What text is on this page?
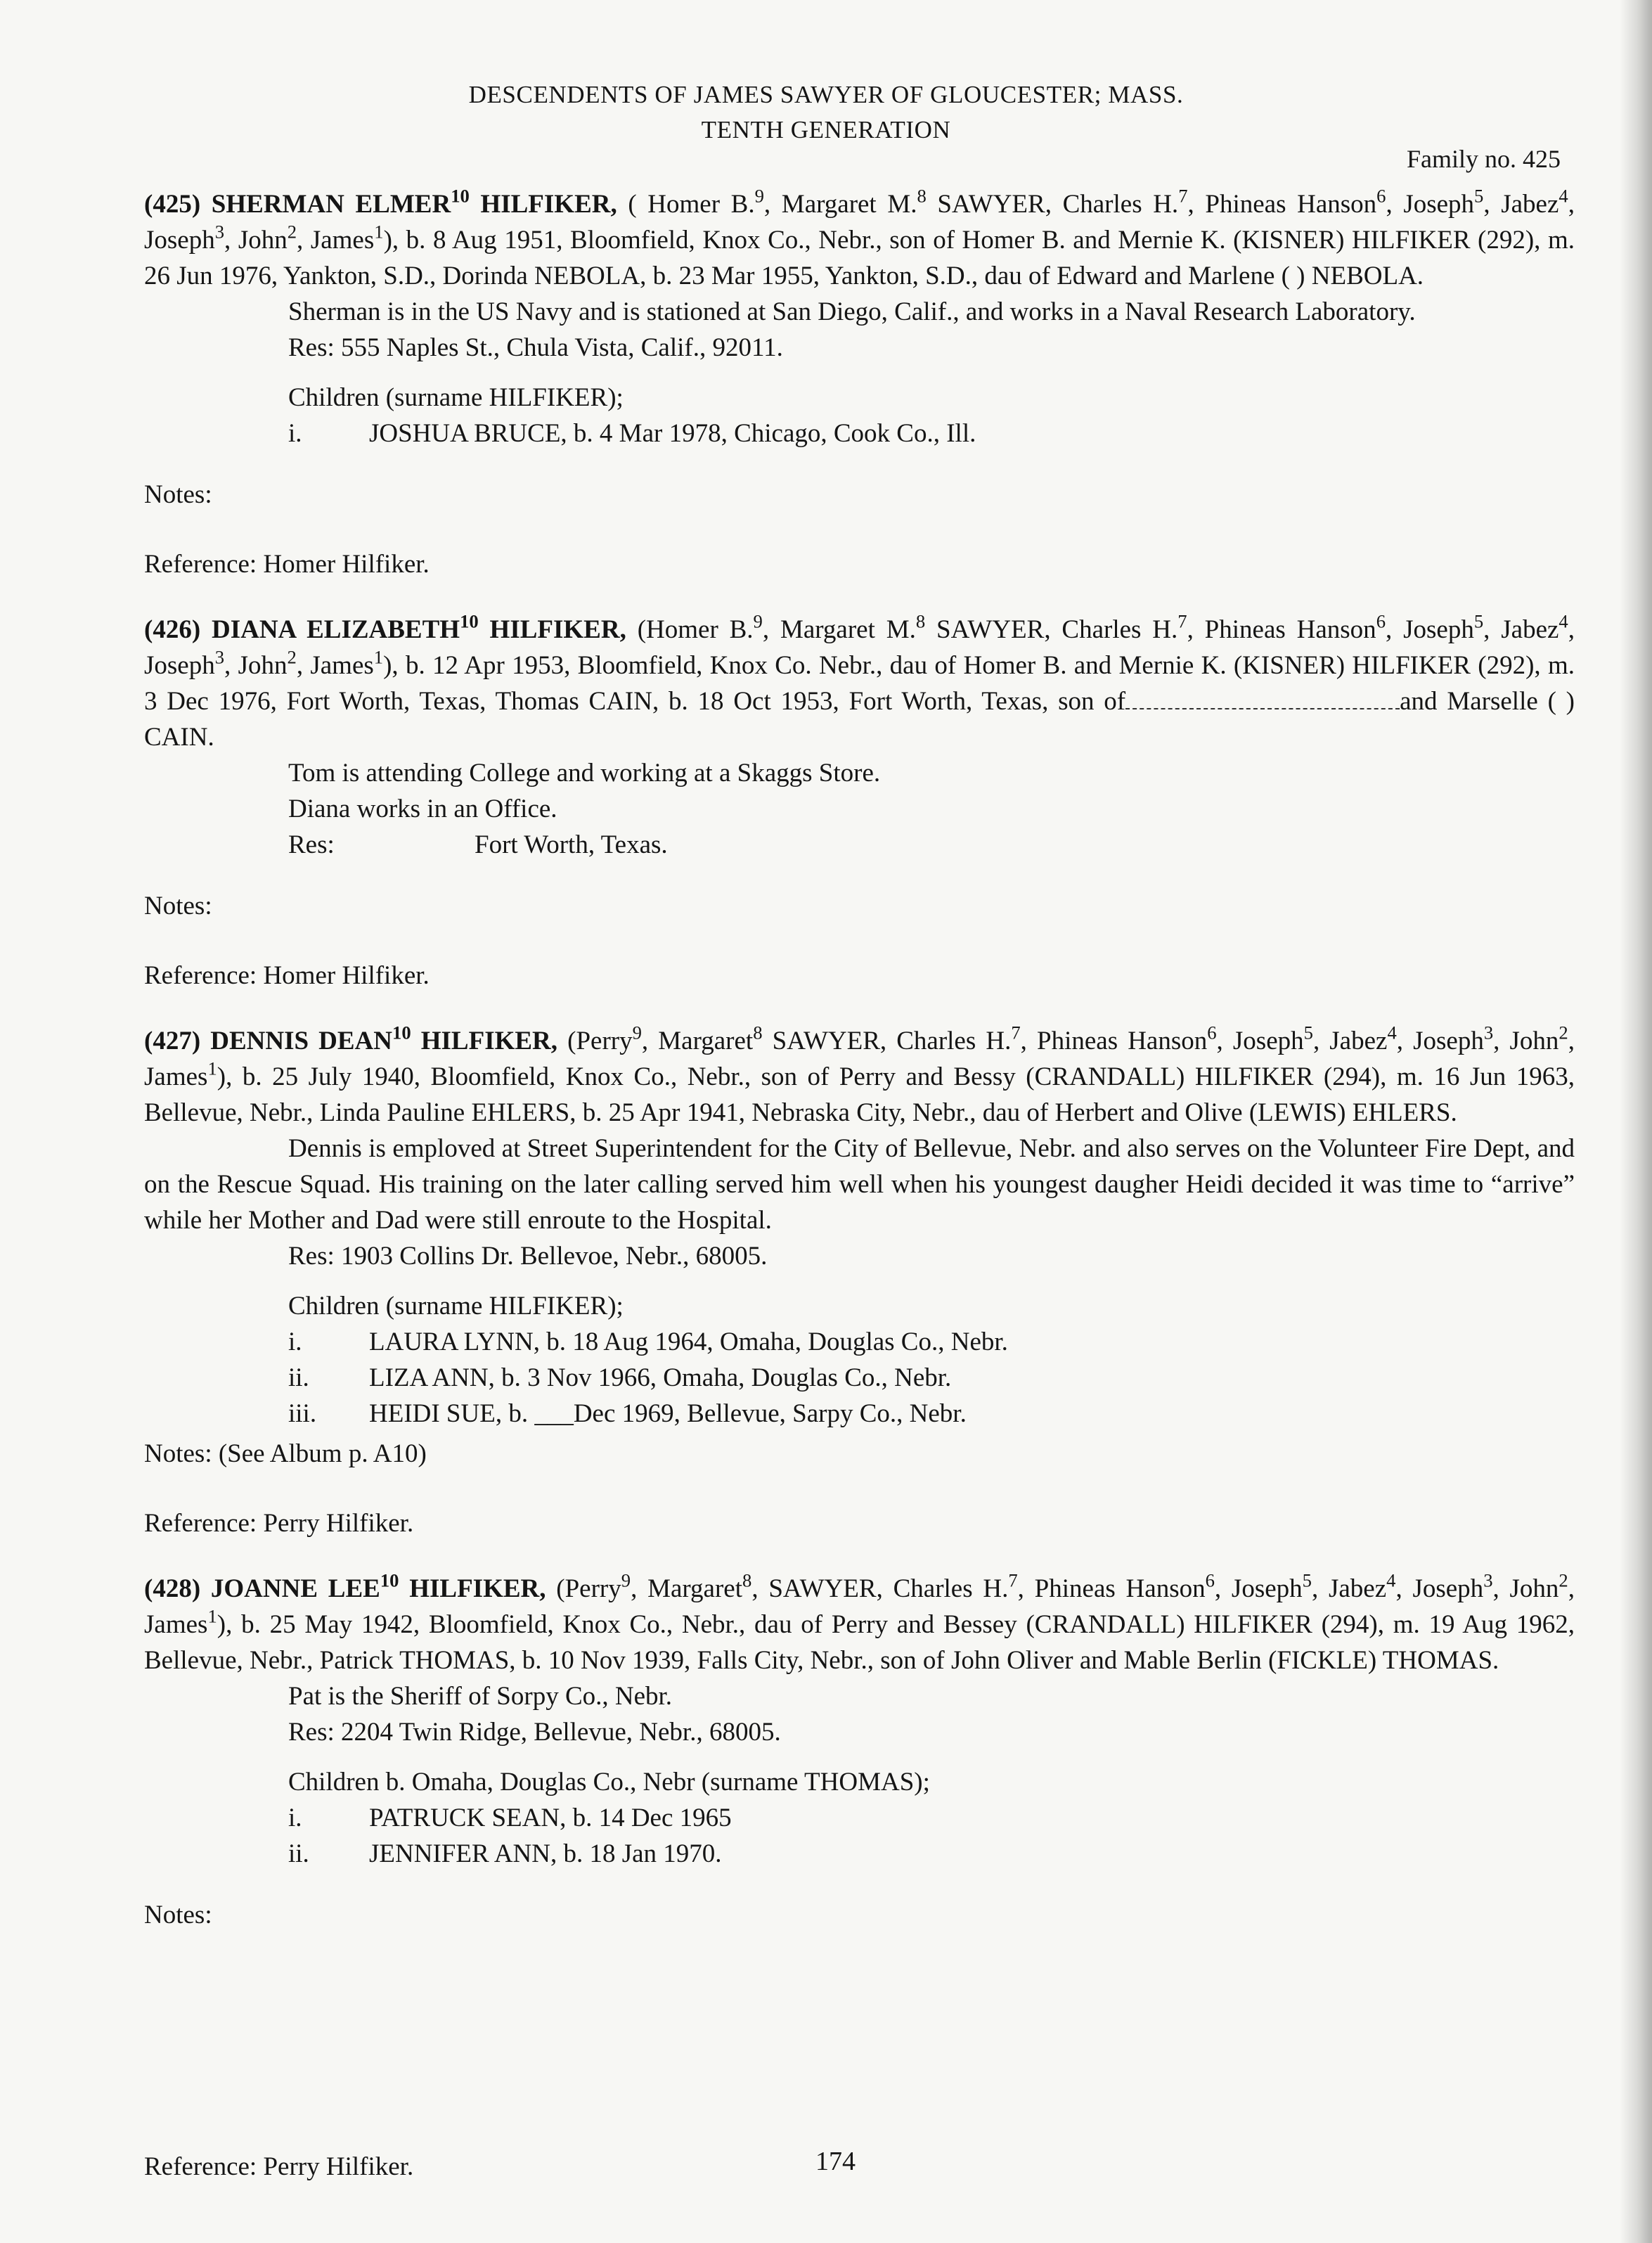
DESCENDENTS OF JAMES SAWYER OF GLOUCESTER; MASS.
TENTH GENERATION
Family no. 425
(425) SHERMAN ELMER$^{10}$ HILFIKER, ( Homer B.$^9$, Margaret M.$^8$ SAWYER, Charles H.$^7$, Phineas Hanson$^6$, Joseph$^5$, Jabez$^4$, Joseph$^3$, John$^2$, James$^1$), b. 8 Aug 1951, Bloomfield, Knox Co., Nebr., son of Homer B. and Mernie K. (KISNER) HILFIKER (292), m. 26 Jun 1976, Yankton, S.D., Dorinda NEBOLA, b. 23 Mar 1955, Yankton, S.D., dau of Edward and Marlene ( ) NEBOLA.
Sherman is in the US Navy and is stationed at San Diego, Calif., and works in a Naval Research Laboratory.
Res: 555 Naples St., Chula Vista, Calif., 92011.
Children (surname HILFIKER);
i.	JOSHUA BRUCE, b. 4 Mar 1978, Chicago, Cook Co., Ill.
Notes:
Reference: Homer Hilfiker.
(426) DIANA ELIZABETH$^{10}$ HILFIKER, (Homer B.$^9$, Margaret M.$^8$ SAWYER, Charles H.$^7$, Phineas Hanson$^6$, Joseph$^5$, Jabez$^4$, Joseph$^3$, John$^2$, James$^1$), b. 12 Apr 1953, Bloomfield, Knox Co. Nebr., dau of Homer B. and Mernie K. (KISNER) HILFIKER (292), m. 3 Dec 1976, Fort Worth, Texas, Thomas CAIN, b. 18 Oct 1953, Fort Worth, Texas, son of	and Marselle ( ) CAIN.
Tom is attending College and working at a Skaggs Store.
Diana works in an Office.
Res:	Fort Worth, Texas.
Notes:
Reference: Homer Hilfiker.
(427) DENNIS DEAN$^{10}$ HILFIKER, (Perry$^9$, Margaret$^8$ SAWYER, Charles H.$^7$, Phineas Hanson$^6$, Joseph$^5$, Jabez$^4$, Joseph$^3$, John$^2$, James$^1$), b. 25 July 1940, Bloomfield, Knox Co., Nebr., son of Perry and Bessy (CRANDALL) HILFIKER (294), m. 16 Jun 1963, Bellevue, Nebr., Linda Pauline EHLERS, b. 25 Apr 1941, Nebraska City, Nebr., dau of Herbert and Olive (LEWIS) EHLERS.
Dennis is emploved at Street Superintendent for the City of Bellevue, Nebr. and also serves on the Volunteer Fire Dept, and on the Rescue Squad. His training on the later calling served him well when his youngest daugher Heidi decided it was time to “arrive” while her Mother and Dad were still enroute to the Hospital.
Res: 1903 Collins Dr. Bellevoe, Nebr., 68005.
Children (surname HILFIKER);
i.	LAURA LYNN, b. 18 Aug 1964, Omaha, Douglas Co., Nebr.
ii.	LIZA ANN, b. 3 Nov 1966, Omaha, Douglas Co., Nebr.
iii.	HEIDI SUE, b. ___Dec 1969, Bellevue, Sarpy Co., Nebr.
Notes: (See Album p. A10)
Reference: Perry Hilfiker.
(428) JOANNE LEE$^{10}$ HILFIKER, (Perry$^9$, Margaret$^8$, SAWYER, Charles H.$^7$, Phineas Hanson$^6$, Joseph$^5$, Jabez$^4$, Joseph$^3$, John$^2$, James$^1$), b. 25 May 1942, Bloomfield, Knox Co., Nebr., dau of Perry and Bessey (CRANDALL) HILFIKER (294), m. 19 Aug 1962, Bellevue, Nebr., Patrick THOMAS, b. 10 Nov 1939, Falls City, Nebr., son of John Oliver and Mable Berlin (FICKLE) THOMAS.
Pat is the Sheriff of Sorpy Co., Nebr.
Res: 2204 Twin Ridge, Bellevue, Nebr., 68005.
Children b. Omaha, Douglas Co., Nebr (surname THOMAS);
i.	PATRUCK SEAN, b. 14 Dec 1965
ii.	JENNIFER ANN, b. 18 Jan 1970.
Notes:
Reference: Perry Hilfiker.	174
